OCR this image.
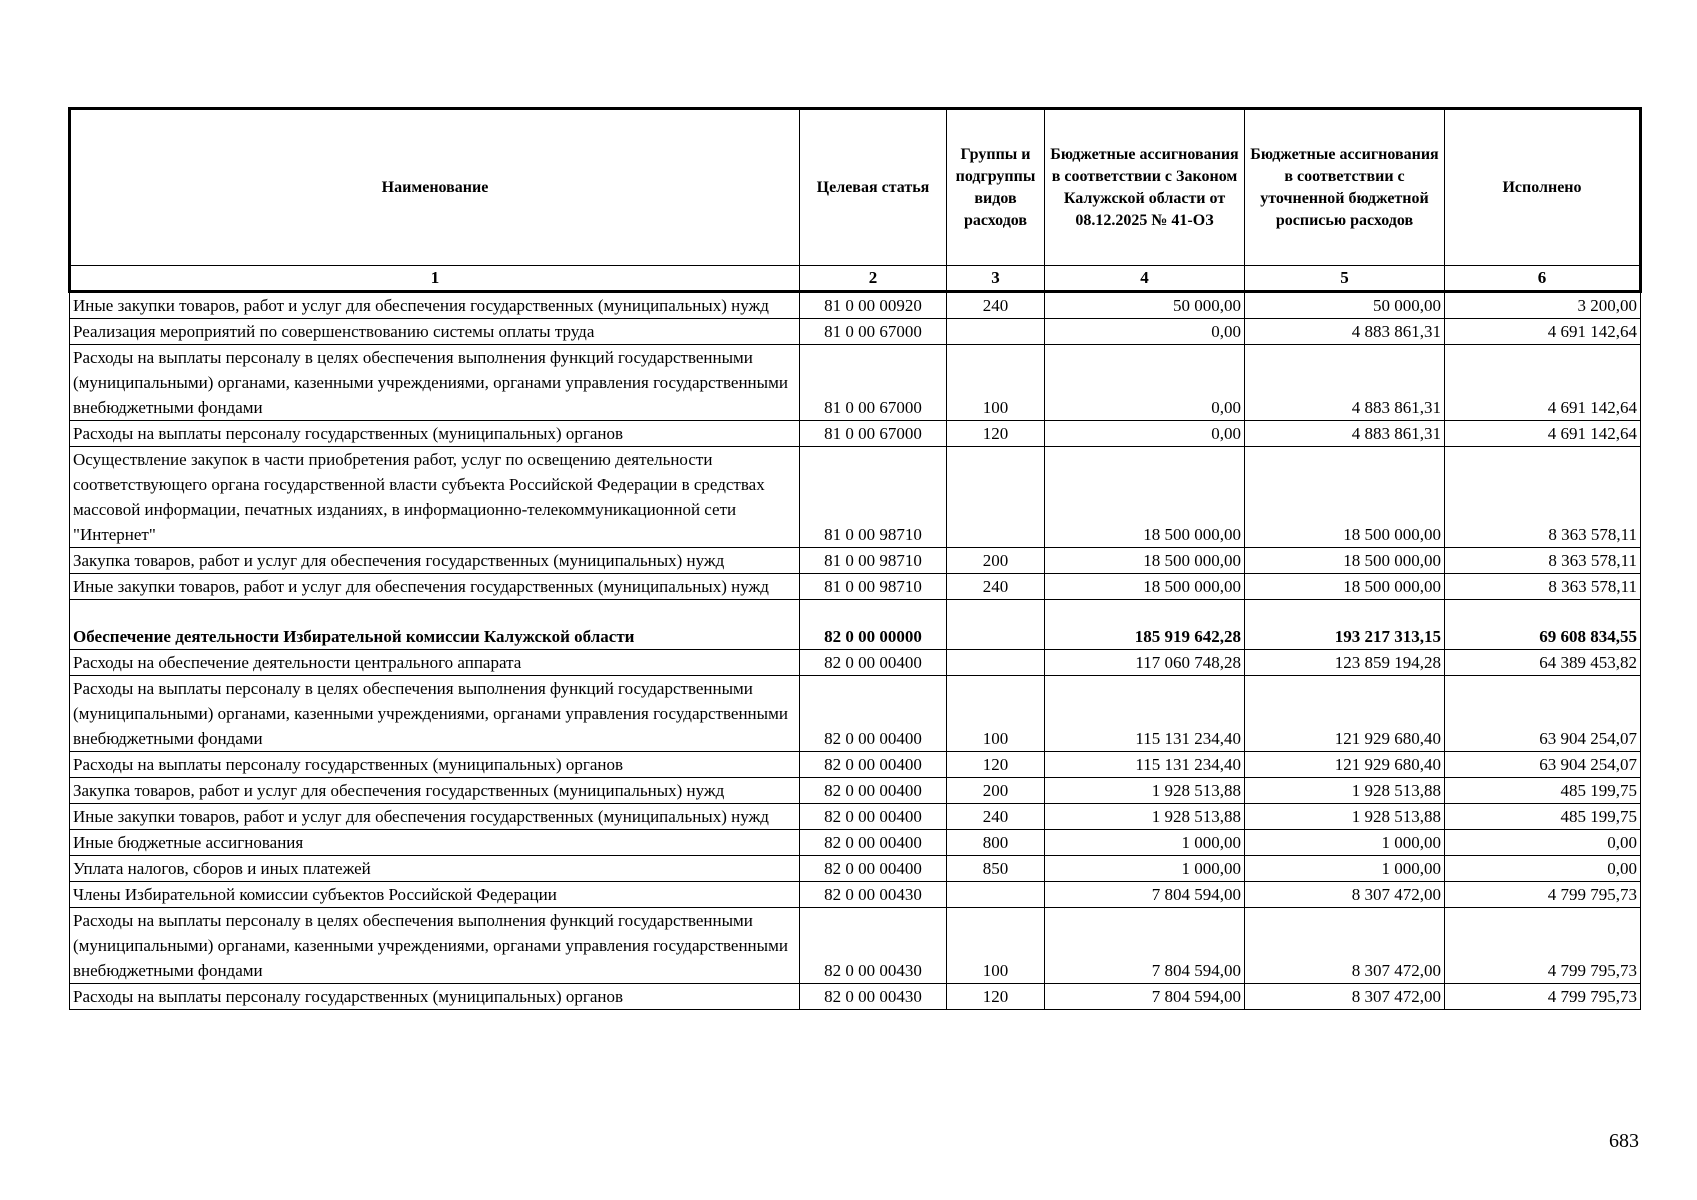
Наименование	Целевая статья	Группы и подгруппы видов расходов	Бюджетные ассигнования в соответствии с Законом Калужской области от 08.12.2025 № 41-ОЗ	Бюджетные ассигнования в соответствии с уточненной бюджетной росписью расходов	Исполнено
1	2	3	4	5	6
Иные закупки товаров, работ и услуг для обеспечения государственных (муниципальных) нужд	81 0 00 00920	240	50 000,00	50 000,00	3 200,00
Реализация мероприятий по совершенствованию системы оплаты труда	81 0 00 67000		0,00	4 883 861,31	4 691 142,64
Расходы на выплаты персоналу в целях обеспечения выполнения функций государственными (муниципальными) органами, казенными учреждениями, органами управления государственными внебюджетными фондами	81 0 00 67000	100	0,00	4 883 861,31	4 691 142,64
Расходы на выплаты персоналу государственных (муниципальных) органов	81 0 00 67000	120	0,00	4 883 861,31	4 691 142,64
Осуществление закупок в части приобретения работ, услуг по освещению деятельности соответствующего органа государственной власти субъекта Российской Федерации в средствах массовой информации, печатных изданиях, в информационно-телекоммуникационной сети "Интернет"	81 0 00 98710		18 500 000,00	18 500 000,00	8 363 578,11
Закупка товаров, работ и услуг для обеспечения государственных (муниципальных) нужд	81 0 00 98710	200	18 500 000,00	18 500 000,00	8 363 578,11
Иные закупки товаров, работ и услуг для обеспечения государственных (муниципальных) нужд	81 0 00 98710	240	18 500 000,00	18 500 000,00	8 363 578,11
Обеспечение деятельности Избирательной комиссии Калужской области	82 0 00 00000		185 919 642,28	193 217 313,15	69 608 834,55
Расходы на обеспечение деятельности центрального аппарата	82 0 00 00400		117 060 748,28	123 859 194,28	64 389 453,82
Расходы на выплаты персоналу в целях обеспечения выполнения функций государственными (муниципальными) органами, казенными учреждениями, органами управления государственными внебюджетными фондами	82 0 00 00400	100	115 131 234,40	121 929 680,40	63 904 254,07
Расходы на выплаты персоналу государственных (муниципальных) органов	82 0 00 00400	120	115 131 234,40	121 929 680,40	63 904 254,07
Закупка товаров, работ и услуг для обеспечения государственных (муниципальных) нужд	82 0 00 00400	200	1 928 513,88	1 928 513,88	485 199,75
Иные закупки товаров, работ и услуг для обеспечения государственных (муниципальных) нужд	82 0 00 00400	240	1 928 513,88	1 928 513,88	485 199,75
Иные бюджетные ассигнования	82 0 00 00400	800	1 000,00	1 000,00	0,00
Уплата налогов, сборов и иных платежей	82 0 00 00400	850	1 000,00	1 000,00	0,00
Члены Избирательной комиссии субъектов Российской Федерации	82 0 00 00430		7 804 594,00	8 307 472,00	4 799 795,73
Расходы на выплаты персоналу в целях обеспечения выполнения функций государственными (муниципальными) органами, казенными учреждениями, органами управления государственными внебюджетными фондами	82 0 00 00430	100	7 804 594,00	8 307 472,00	4 799 795,73
Расходы на выплаты персоналу государственных (муниципальных) органов	82 0 00 00430	120	7 804 594,00	8 307 472,00	4 799 795,73
683
